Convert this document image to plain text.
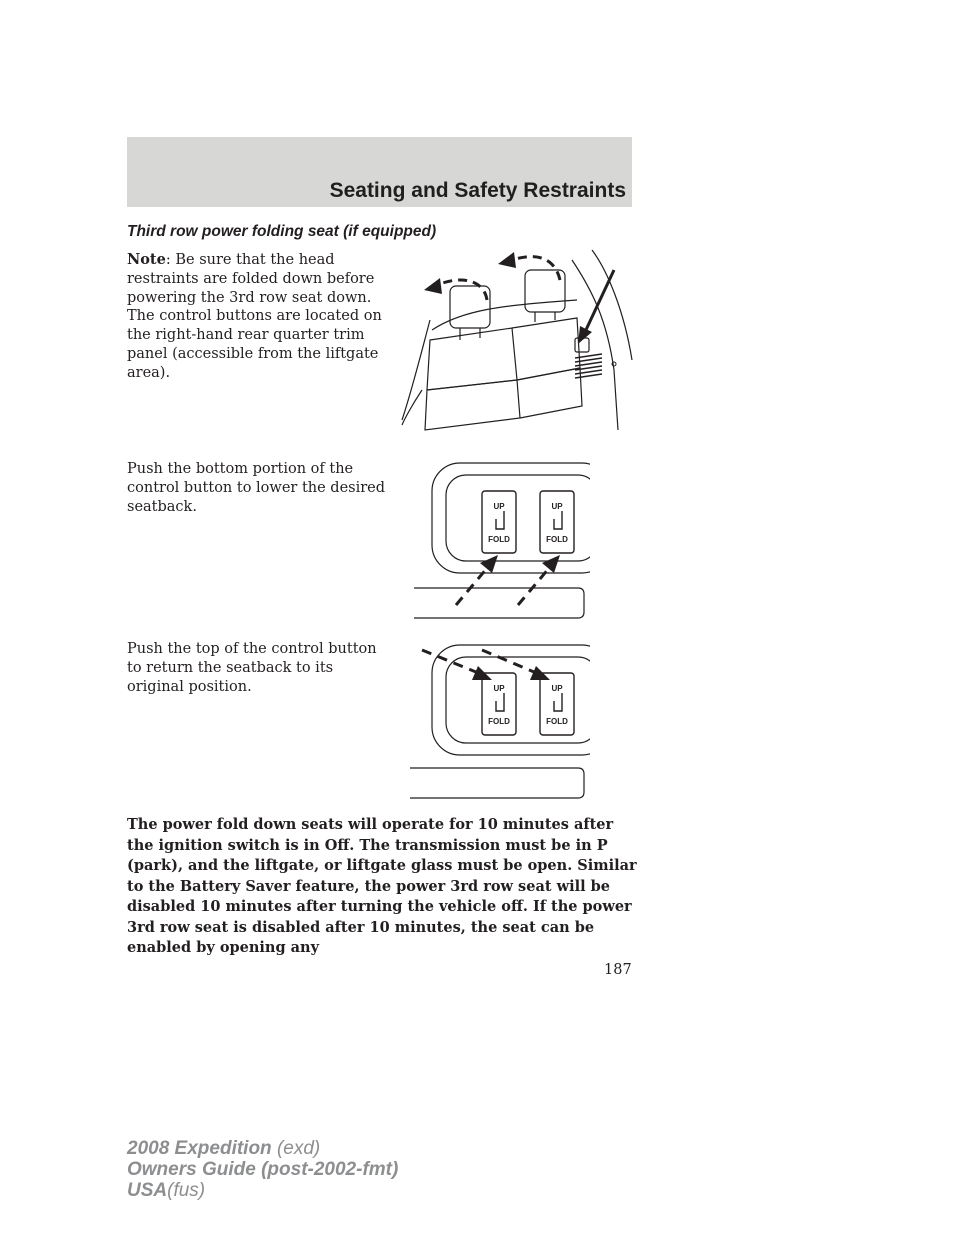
Seating and Safety Restraints
Third row power folding seat (if equipped)
Note: Be sure that the head restraints are folded down before powering the 3rd row seat down.
The control buttons are located on the right-hand rear quarter trim panel (accessible from the liftgate area).
Push the bottom portion of the control button to lower the desired seatback.
Push the top of the control button to return the seatback to its original position.
UP
FOLD
UP
FOLD
UP
FOLD
UP
FOLD
The power fold down seats will operate for 10 minutes after the ignition switch is in Off. The transmission must be in P (park), and the liftgate, or liftgate glass must be open. Similar to the Battery Saver feature, the power 3rd row seat will be disabled 10 minutes after turning the vehicle off. If the power 3rd row seat is disabled after 10 minutes, the seat can be enabled by opening any
187
2008 Expedition (exd)
Owners Guide (post-2002-fmt)
USA(fus)
